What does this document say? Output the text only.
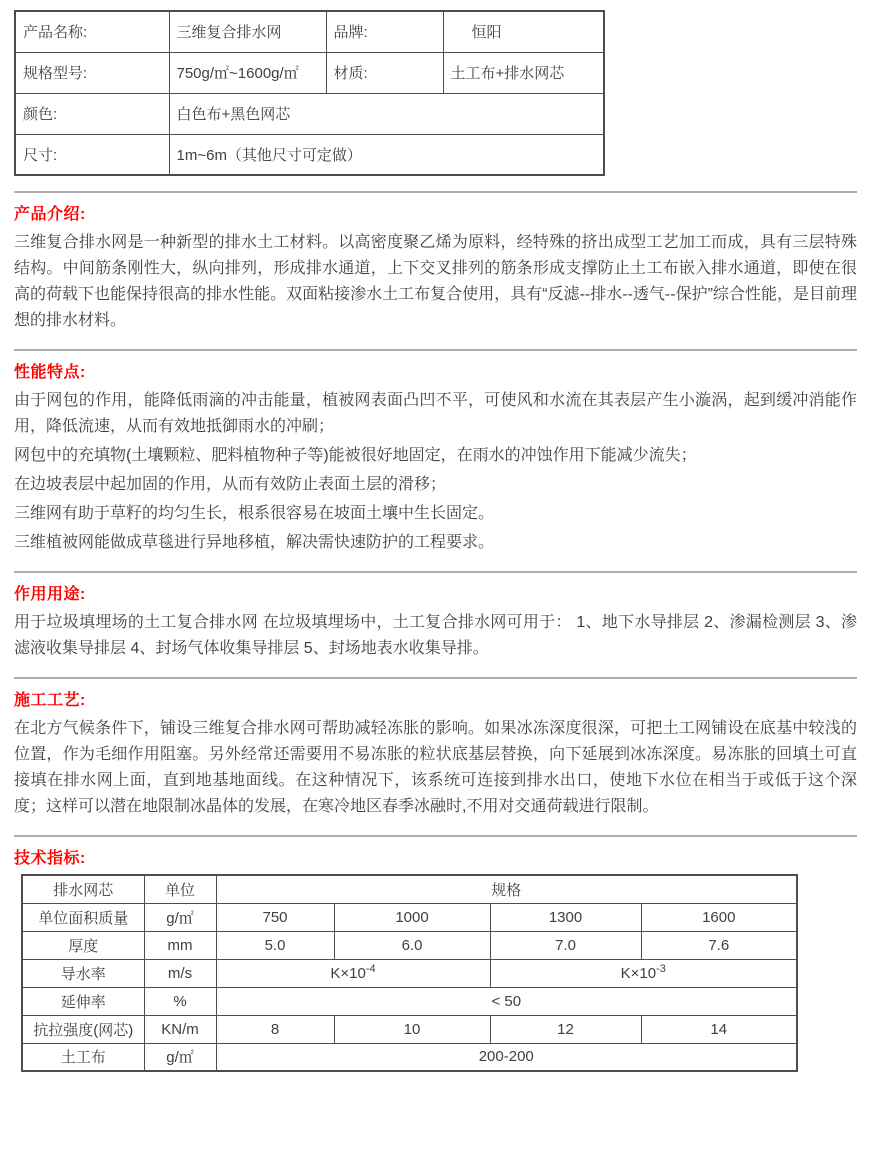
产品名称:	三维复合排水网	品牌:	恒阳
规格型号:	750g/㎡~1600g/㎡	材质:	土工布+排水网芯
颜色:	白色布+黑色网芯		
尺寸:	1m~6m（其他尺寸可定做）		
产品介绍:

三维复合排水网是一种新型的排水土工材料。以高密度聚乙烯为原料，经特殊的挤出成型工艺加工而成，具有三层特殊结构。中间筋条刚性大，纵向排列，形成排水通道，上下交叉排列的筋条形成支撑防止土工布嵌入排水通道，即使在很高的荷载下也能保持很高的排水性能。双面粘接渗水土工布复合使用，具有“反滤--排水--透气--保护”综合性能，是目前理想的排水材料。

性能特点:

由于网包的作用，能降低雨滴的冲击能量，植被网表面凸凹不平，可使风和水流在其表层产生小漩涡，起到缓冲消能作用，降低流速，从而有效地抵御雨水的冲刷；

网包中的充填物(土壤颗粒、肥料植物种子等)能被很好地固定，在雨水的冲蚀作用下能减少流失；

在边坡表层中起加固的作用，从而有效防止表面土层的滑移；

三维网有助于草籽的均匀生长，根系很容易在坡面土壤中生长固定。

三维植被网能做成草毯进行异地移植，解决需快速防护的工程要求。

作用用途:

用于垃圾填埋场的土工复合排水网 在垃圾填埋场中，土工复合排水网可用于： 1、地下水导排层 2、渗漏检测层 3、渗滤液收集导排层 4、封场气体收集导排层 5、封场地表水收集导排。

施工工艺:

在北方气候条件下，铺设三维复合排水网可帮助减轻冻胀的影响。如果冰冻深度很深，可把土工网铺设在底基中较浅的位置，作为毛细作用阻塞。另外经常还需要用不易冻胀的粒状底基层替换，向下延展到冰冻深度。易冻胀的回填土可直接填在排水网上面，直到地基地面线。在这种情况下，该系统可连接到排水出口，使地下水位在相当于或低于这个深度；这样可以潜在地限制冰晶体的发展，在寒冷地区春季冰融时,不用对交通荷载进行限制。

技术指标:
排水网芯	单位	规格			
单位面积质量	g/㎡	750	1000	1300	1600
厚度	mm	5.0	6.0	7.0	7.6
导水率	m/s	$K\times 10^{-4}$		$K\times 10^{-3}$
延伸率	%	< 50			
抗拉强度(网芯)	KN/m	8	10	12	14
土工布	g/㎡	200-200			
